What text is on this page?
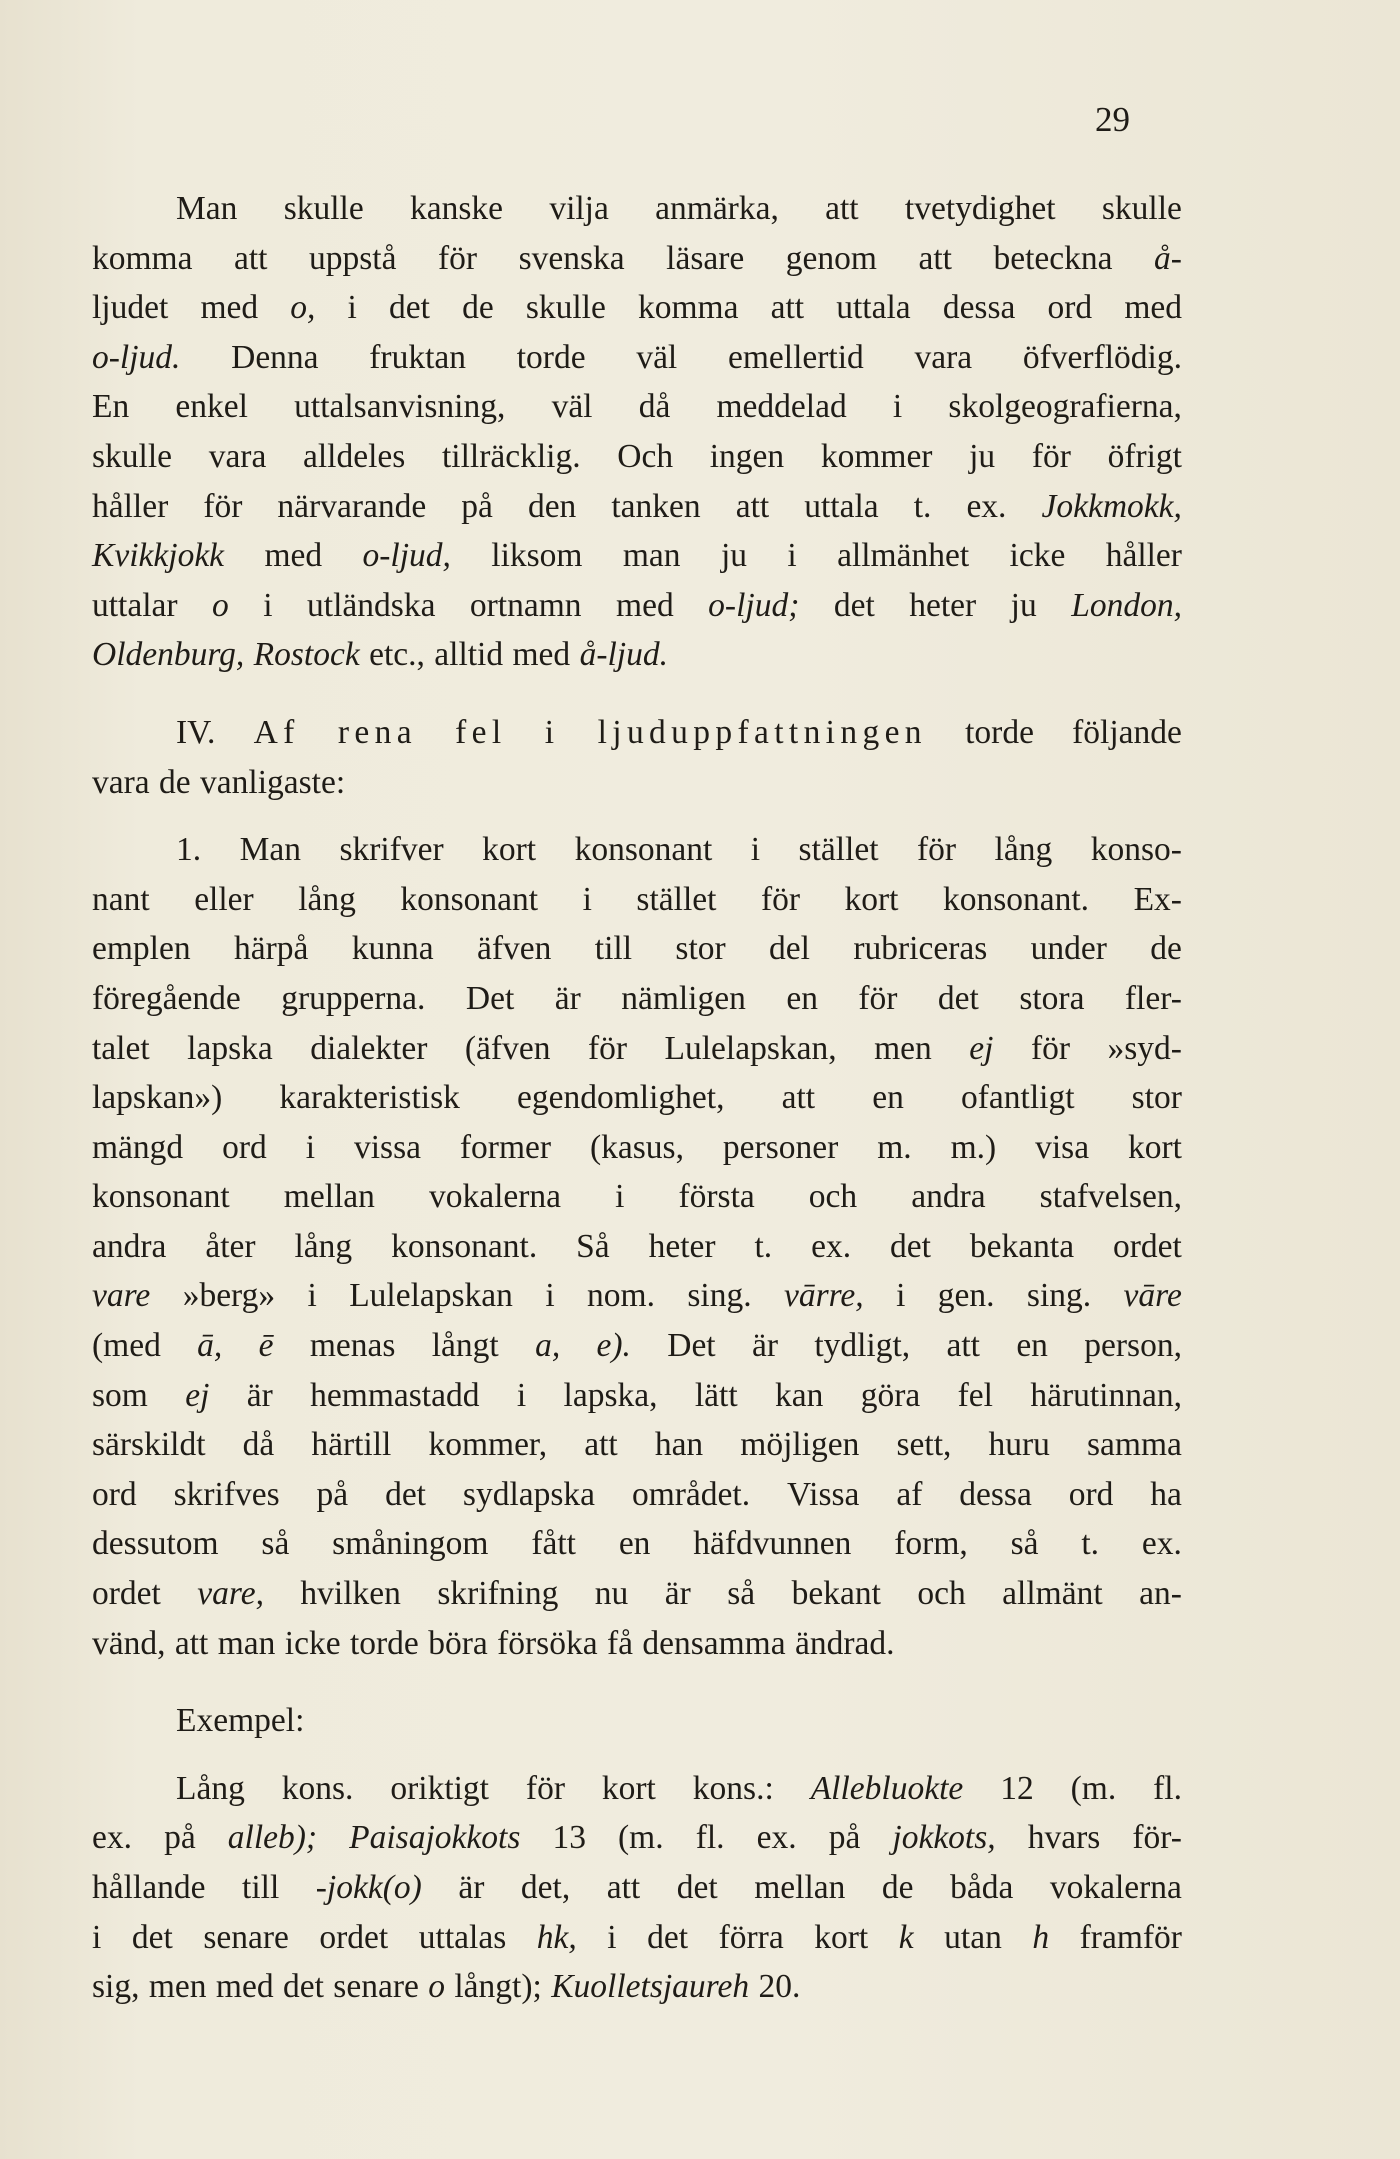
29
Man skulle kanske vilja anmärka, att tvetydighet skulle
komma att uppstå för svenska läsare genom att beteckna å-
ljudet med o, i det de skulle komma att uttala dessa ord med
o-ljud. Denna fruktan torde väl emellertid vara öfverflödig.
En enkel uttalsanvisning, väl då meddelad i skolgeografierna,
skulle vara alldeles tillräcklig. Och ingen kommer ju för öfrigt
håller för närvarande på den tanken att uttala t. ex. Jokkmokk,
Kvikkjokk med o-ljud, liksom man ju i allmänhet icke håller
uttalar o i utländska ortnamn med o-ljud; det heter ju London,
Oldenburg, Rostock etc., alltid med å-ljud.
IV. Af rena fel i ljuduppfattningen torde följande
vara de vanligaste:
1. Man skrifver kort konsonant i stället för lång konso-
nant eller lång konsonant i stället för kort konsonant. Ex-
emplen härpå kunna äfven till stor del rubriceras under de
föregående grupperna. Det är nämligen en för det stora fler-
talet lapska dialekter (äfven för Lulelapskan, men ej för »syd-
lapskan») karakteristisk egendomlighet, att en ofantligt stor
mängd ord i vissa former (kasus, personer m. m.) visa kort
konsonant mellan vokalerna i första och andra stafvelsen,
andra åter lång konsonant. Så heter t. ex. det bekanta ordet
vare »berg» i Lulelapskan i nom. sing. vārre, i gen. sing. vāre
(med ā, ē menas långt a, e). Det är tydligt, att en person,
som ej är hemmastadd i lapska, lätt kan göra fel härutinnan,
särskildt då härtill kommer, att han möjligen sett, huru samma
ord skrifves på det sydlapska området. Vissa af dessa ord ha
dessutom så småningom fått en häfdvunnen form, så t. ex.
ordet vare, hvilken skrifning nu är så bekant och allmänt an-
vänd, att man icke torde böra försöka få densamma ändrad.
Exempel:
Lång kons. oriktigt för kort kons.: Allebluokte 12 (m. fl.
ex. på alleb); Paisajokkots 13 (m. fl. ex. på jokkots, hvars för-
hållande till -jokk(o) är det, att det mellan de båda vokalerna
i det senare ordet uttalas hk, i det förra kort k utan h framför
sig, men med det senare o långt); Kuolletsjaureh 20.
